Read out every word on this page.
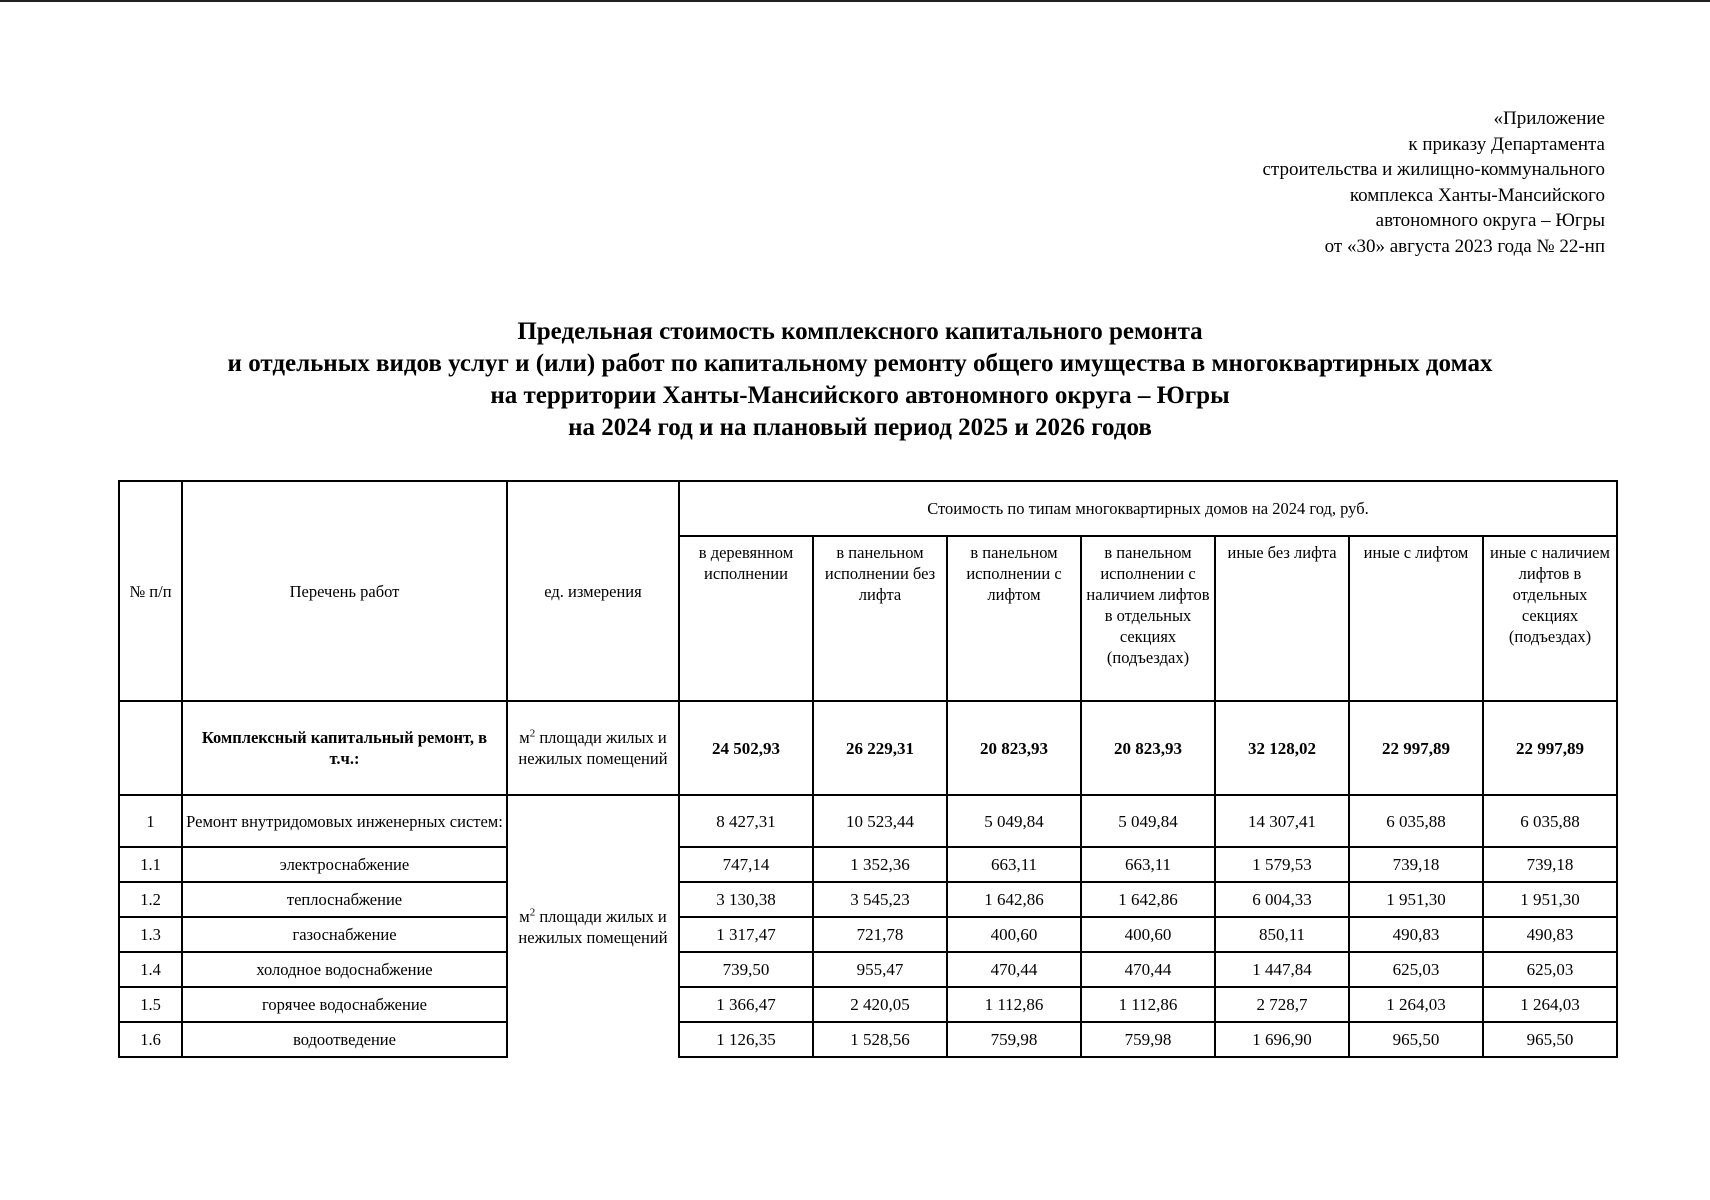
«Приложение
к приказу Департамента
строительства и жилищно-коммунального
комплекса Ханты-Мансийского
автономного округа – Югры
от «30» августа 2023 года № 22-нп
Предельная стоимость комплексного капитального ремонта
и отдельных видов услуг и (или) работ по капитальному ремонту общего имущества в многоквартирных домах
на территории Ханты-Мансийского автономного округа – Югры
на 2024 год и на плановый период 2025 и 2026 годов
№ п/п	Перечень работ	ед. измерения	Стоимость по типам многоквартирных домов на 2024 год, руб.						
			в деревянном исполнении	в панельном исполнении без лифта	в панельном исполнении с лифтом	в панельном исполнении с наличием лифтов в отдельных секциях (подъездах)	иные без лифта	иные с лифтом	иные с наличием лифтов в отдельных секциях (подъездах)
	Комплексный капитальный ремонт, в т.ч.:	$м^2$ площади жилых и нежилых помещений	24 502,93	26 229,31	20 823,93	20 823,93	32 128,02	22 997,89	22 997,89
1	Ремонт внутридомовых инженерных систем:	$м^2$ площади жилых и нежилых помещений	8 427,31	10 523,44	5 049,84	5 049,84	14 307,41	6 035,88	6 035,88
1.1	электроснабжение		747,14	1 352,36	663,11	663,11	1 579,53	739,18	739,18
1.2	теплоснабжение		3 130,38	3 545,23	1 642,86	1 642,86	6 004,33	1 951,30	1 951,30
1.3	газоснабжение		1 317,47	721,78	400,60	400,60	850,11	490,83	490,83
1.4	холодное водоснабжение		739,50	955,47	470,44	470,44	1 447,84	625,03	625,03
1.5	горячее водоснабжение		1 366,47	2 420,05	1 112,86	1 112,86	2 728,7	1 264,03	1 264,03
1.6	водоотведение		1 126,35	1 528,56	759,98	759,98	1 696,90	965,50	965,50
